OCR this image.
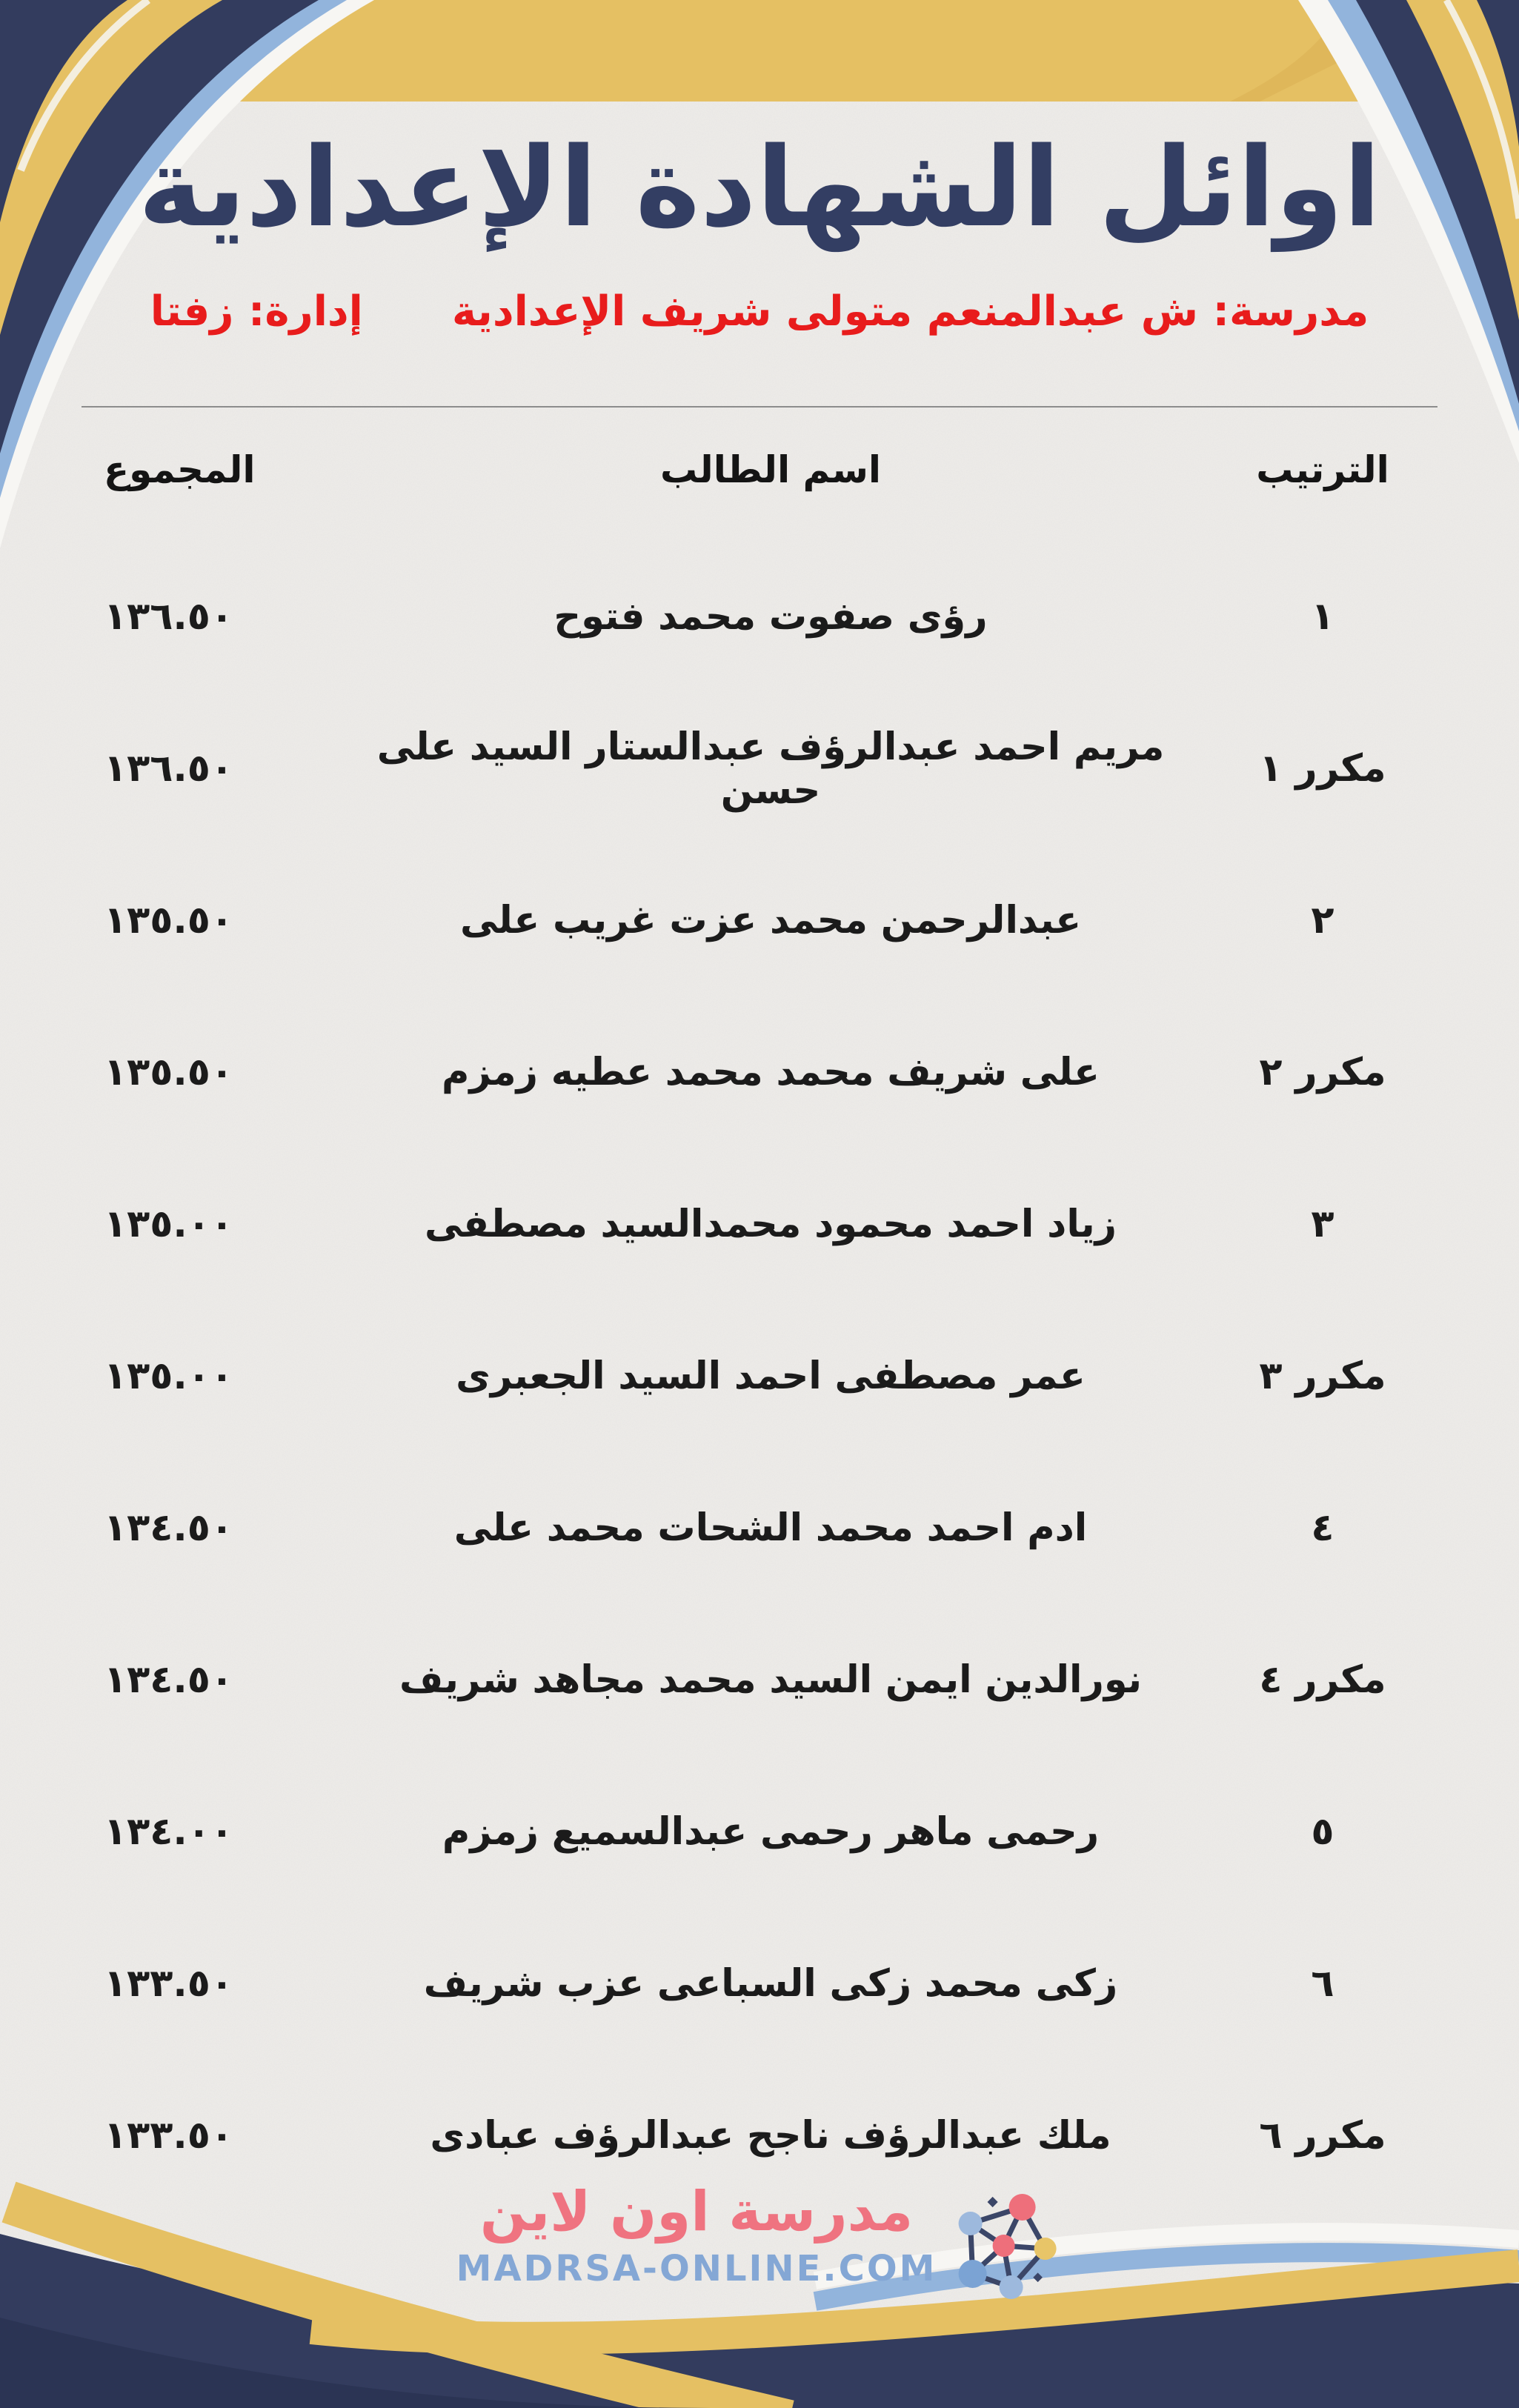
اوائل الشهادة الإعدادية
مدرسة: ش عبدالمنعم متولى شريف الإعداديةإدارة: زفتا
الترتيب
اسم الطالب
المجموع
١
رؤى صفوت محمد فتوح
١٣٦.٥٠
مكرر ١
مريم احمد عبدالرؤف عبدالستار السيد على حسن
١٣٦.٥٠
٢
عبدالرحمن محمد عزت غريب على
١٣٥.٥٠
مكرر ٢
على شريف محمد محمد عطيه زمزم
١٣٥.٥٠
٣
زياد احمد محمود محمدالسيد مصطفى
١٣٥.٠٠
مكرر ٣
عمر مصطفى احمد السيد الجعبرى
١٣٥.٠٠
٤
ادم احمد محمد الشحات محمد على
١٣٤.٥٠
مكرر ٤
نورالدين ايمن السيد محمد مجاهد شريف
١٣٤.٥٠
٥
رحمى ماهر رحمى عبدالسميع زمزم
١٣٤.٠٠
٦
زكى محمد زكى السباعى عزب شريف
١٣٣.٥٠
مكرر ٦
ملك عبدالرؤف ناجح عبدالرؤف عبادى
١٣٣.٥٠
مدرسة اون لاين
MADRSA-ONLINE.COM
